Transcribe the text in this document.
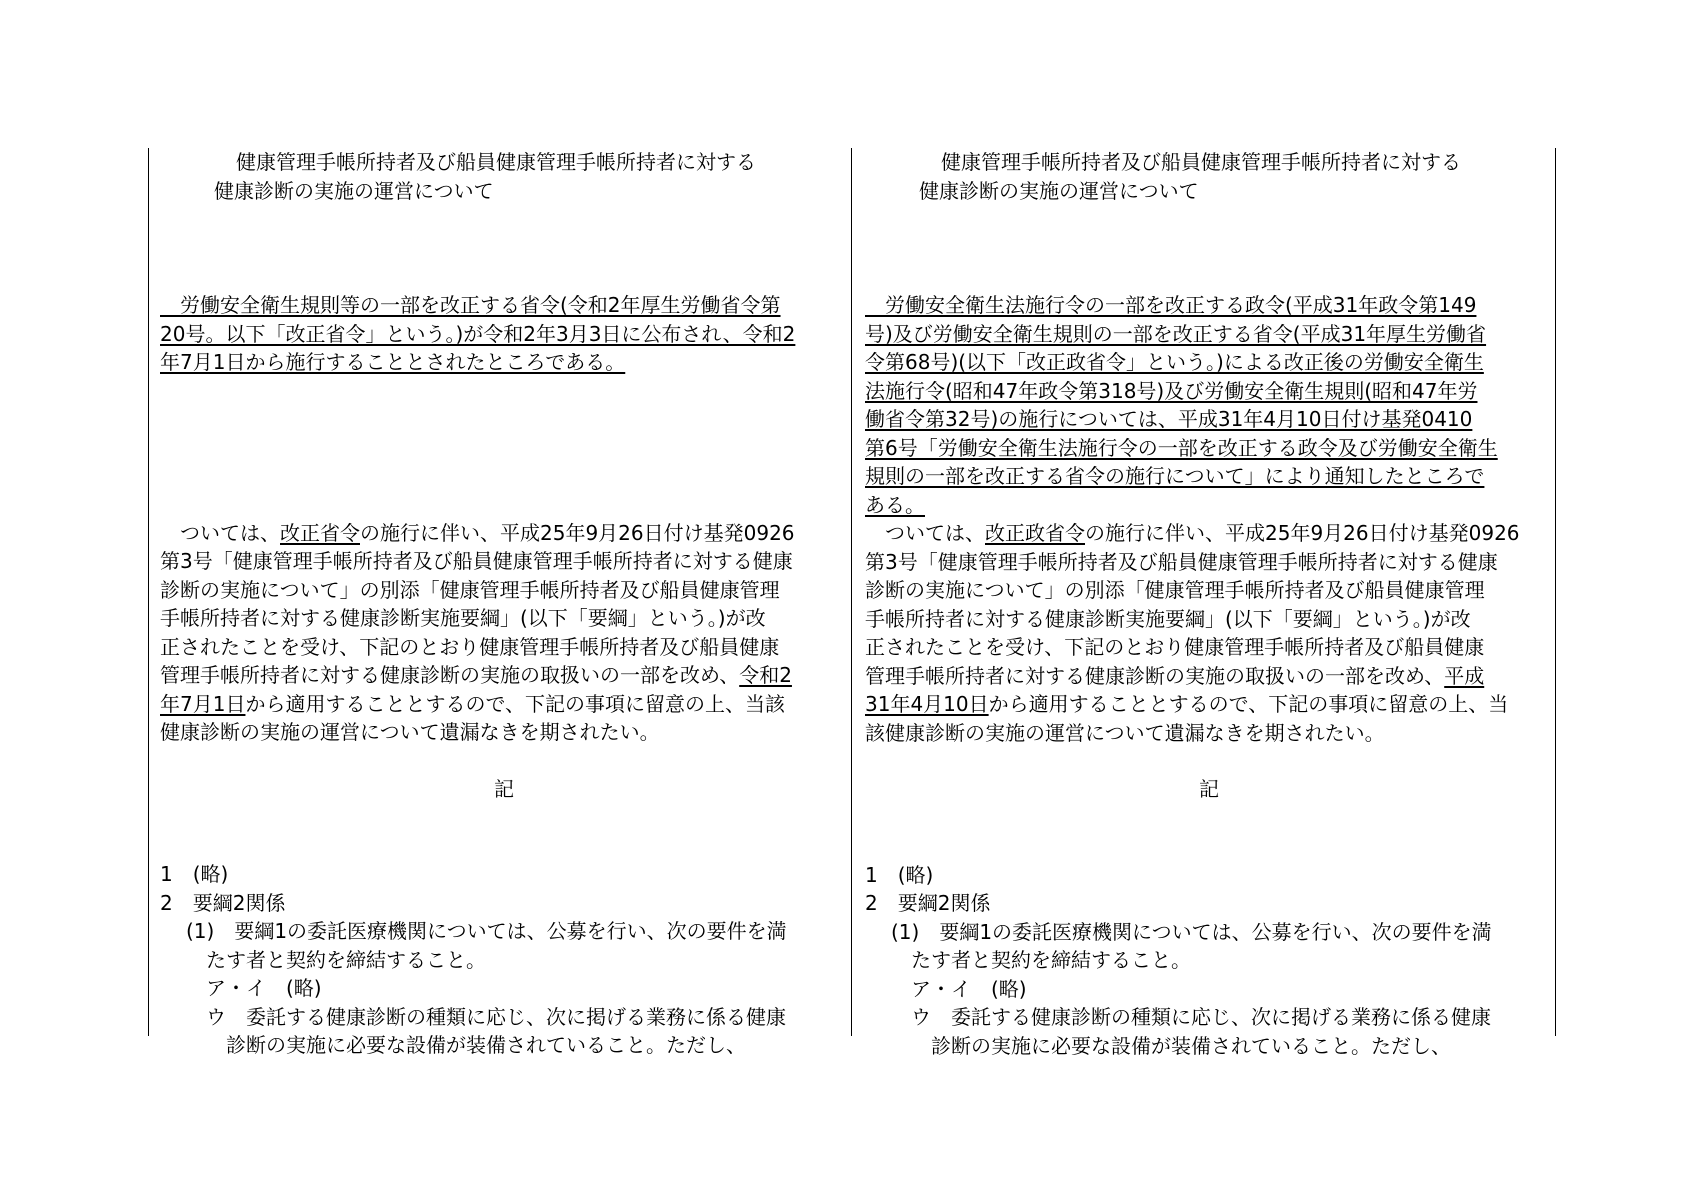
健康管理手帳所持者及び船員健康管理手帳所持者に対する

健康診断の実施の運営について

　労働安全衛生規則等の一部を改正する省令(令和2年厚生労働省令第

20号。以下「改正省令」という。)が令和2年3月3日に公布され、令和2

年7月1日から施行することとされたところである。

　ついては、改正省令の施行に伴い、平成25年9月26日付け基発0926

第3号「健康管理手帳所持者及び船員健康管理手帳所持者に対する健康

診断の実施について」の別添「健康管理手帳所持者及び船員健康管理

手帳所持者に対する健康診断実施要綱」(以下「要綱」という。)が改

正されたことを受け、下記のとおり健康管理手帳所持者及び船員健康

管理手帳所持者に対する健康診断の実施の取扱いの一部を改め、令和2

年7月1日から適用することとするので、下記の事項に留意の上、当該

健康診断の実施の運営について遺漏なきを期されたい。

記

1　(略)

2　要綱2関係

(1)　要綱1の委託医療機関については、公募を行い、次の要件を満

たす者と契約を締結すること。

ア・イ　(略)

ウ　委託する健康診断の種類に応じ、次に掲げる業務に係る健康

診断の実施に必要な設備が装備されていること。ただし、

健康管理手帳所持者及び船員健康管理手帳所持者に対する

健康診断の実施の運営について

　労働安全衛生法施行令の一部を改正する政令(平成31年政令第149

号)及び労働安全衛生規則の一部を改正する省令(平成31年厚生労働省

令第68号)(以下「改正政省令」という。)による改正後の労働安全衛生

法施行令(昭和47年政令第318号)及び労働安全衛生規則(昭和47年労

働省令第32号)の施行については、平成31年4月10日付け基発0410

第6号「労働安全衛生法施行令の一部を改正する政令及び労働安全衛生

規則の一部を改正する省令の施行について」により通知したところで

ある。

　ついては、改正政省令の施行に伴い、平成25年9月26日付け基発0926

第3号「健康管理手帳所持者及び船員健康管理手帳所持者に対する健康

診断の実施について」の別添「健康管理手帳所持者及び船員健康管理

手帳所持者に対する健康診断実施要綱」(以下「要綱」という。)が改

正されたことを受け、下記のとおり健康管理手帳所持者及び船員健康

管理手帳所持者に対する健康診断の実施の取扱いの一部を改め、平成

31年4月10日から適用することとするので、下記の事項に留意の上、当

該健康診断の実施の運営について遺漏なきを期されたい。

記

1　(略)

2　要綱2関係

(1)　要綱1の委託医療機関については、公募を行い、次の要件を満

たす者と契約を締結すること。

ア・イ　(略)

ウ　委託する健康診断の種類に応じ、次に掲げる業務に係る健康

診断の実施に必要な設備が装備されていること。ただし、
